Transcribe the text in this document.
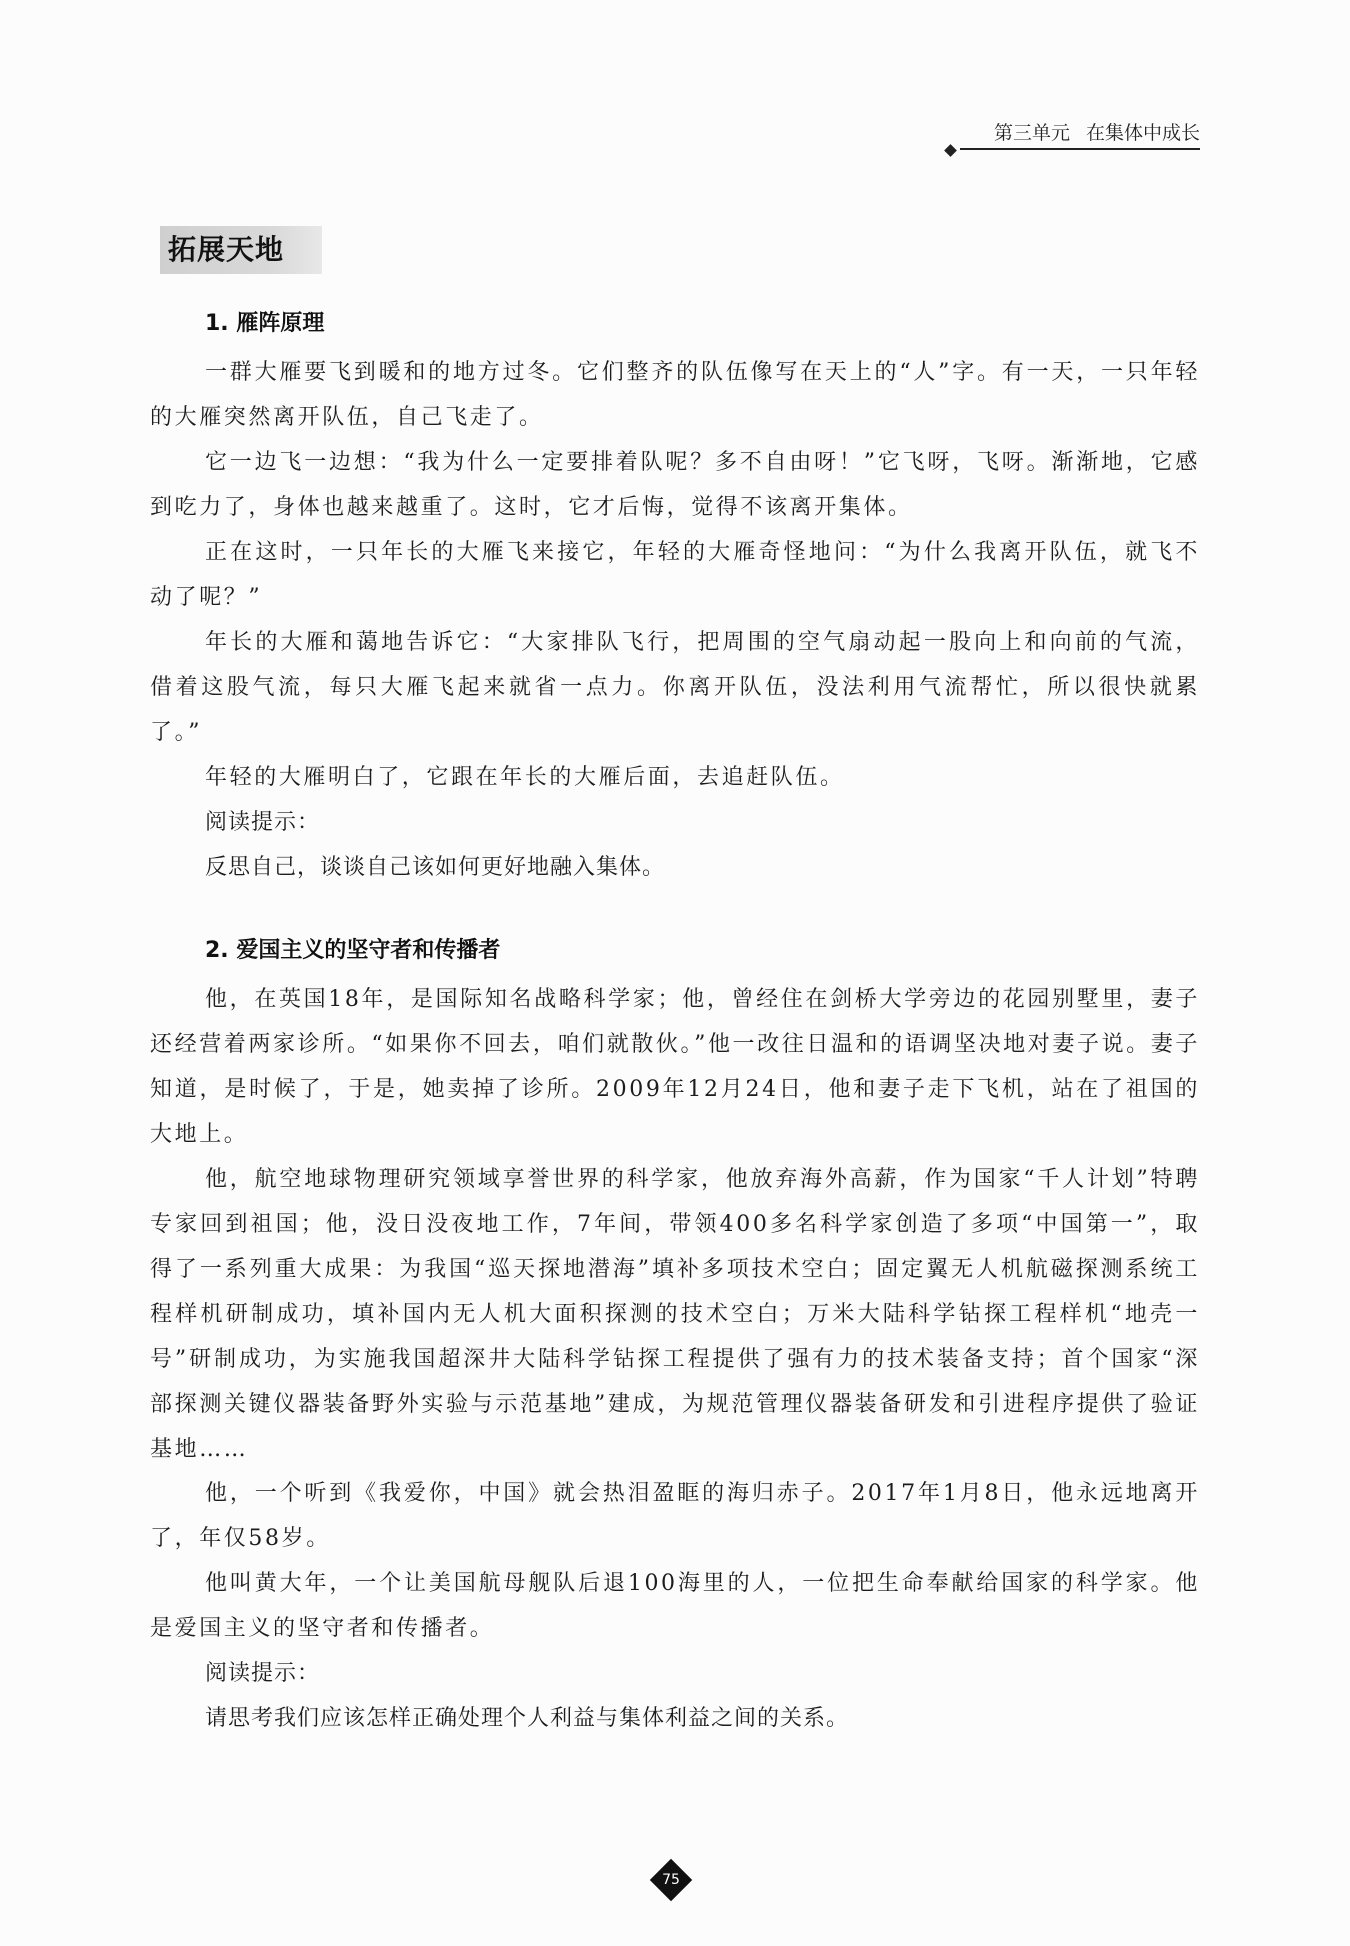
第三单元 在集体中成长
拓展天地
1. 雁阵原理
一群大雁要飞到暖和的地方过冬。它们整齐的队伍像写在天上的“人”字。有一天，一只年轻的大雁突然离开队伍，自己飞走了。
它一边飞一边想：“我为什么一定要排着队呢？多不自由呀！”它飞呀，飞呀。渐渐地，它感到吃力了，身体也越来越重了。这时，它才后悔，觉得不该离开集体。
正在这时，一只年长的大雁飞来接它，年轻的大雁奇怪地问：“为什么我离开队伍，就飞不动了呢？”
年长的大雁和蔼地告诉它：“大家排队飞行，把周围的空气扇动起一股向上和向前的气流，借着这股气流，每只大雁飞起来就省一点力。你离开队伍，没法利用气流帮忙，所以很快就累了。”
年轻的大雁明白了，它跟在年长的大雁后面，去追赶队伍。
阅读提示：
反思自己，谈谈自己该如何更好地融入集体。
2. 爱国主义的坚守者和传播者
他，在英国18年，是国际知名战略科学家；他，曾经住在剑桥大学旁边的花园别墅里，妻子还经营着两家诊所。“如果你不回去，咱们就散伙。”他一改往日温和的语调坚决地对妻子说。妻子知道，是时候了，于是，她卖掉了诊所。2009年12月24日，他和妻子走下飞机，站在了祖国的大地上。
他，航空地球物理研究领域享誉世界的科学家，他放弃海外高薪，作为国家“千人计划”特聘专家回到祖国；他，没日没夜地工作，7年间，带领400多名科学家创造了多项“中国第一”，取得了一系列重大成果：为我国“巡天探地潜海”填补多项技术空白；固定翼无人机航磁探测系统工程样机研制成功，填补国内无人机大面积探测的技术空白；万米大陆科学钻探工程样机“地壳一号”研制成功，为实施我国超深井大陆科学钻探工程提供了强有力的技术装备支持；首个国家“深部探测关键仪器装备野外实验与示范基地”建成，为规范管理仪器装备研发和引进程序提供了验证基地……
他，一个听到《我爱你，中国》就会热泪盈眶的海归赤子。2017年1月8日，他永远地离开了，年仅58岁。
他叫黄大年，一个让美国航母舰队后退100海里的人，一位把生命奉献给国家的科学家。他是爱国主义的坚守者和传播者。
阅读提示：
请思考我们应该怎样正确处理个人利益与集体利益之间的关系。
75
